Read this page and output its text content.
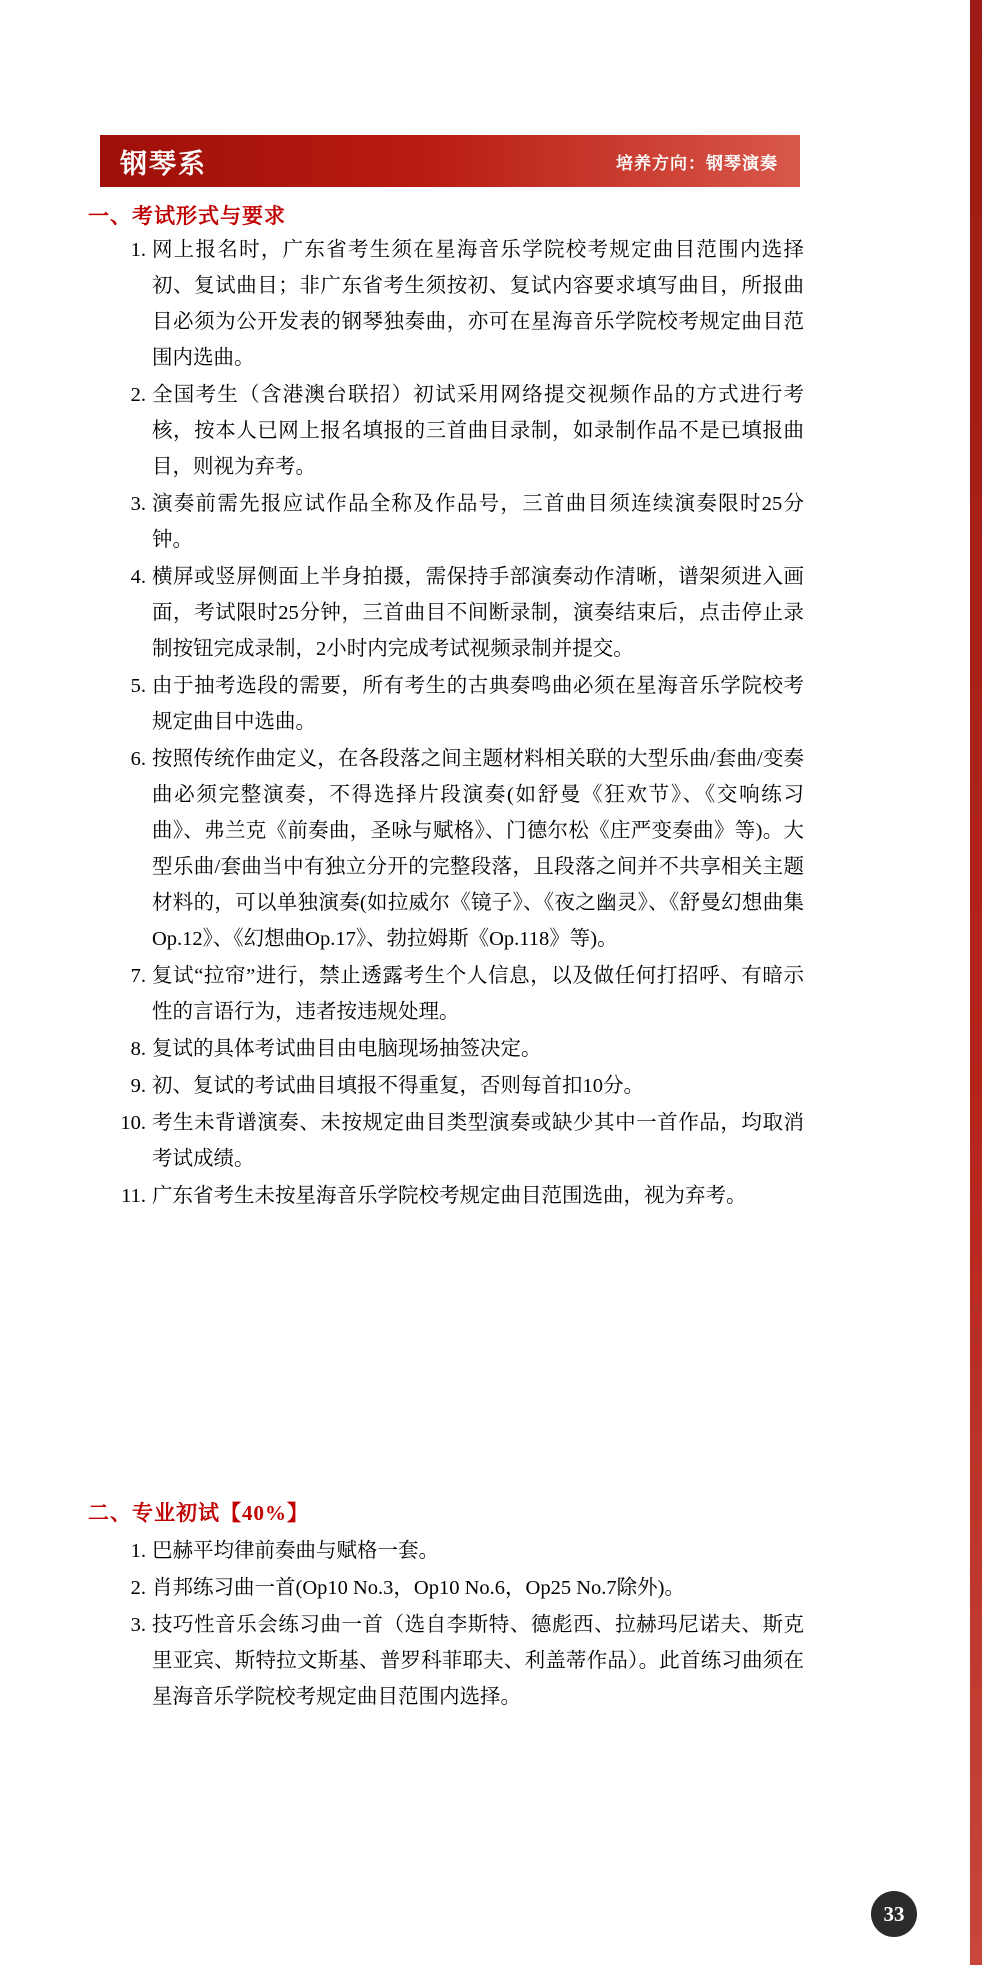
钢琴系	培养方向：钢琴演奏
一、考试形式与要求
1. 网上报名时，广东省考生须在星海音乐学院校考规定曲目范围内选择初、复试曲目；非广东省考生须按初、复试内容要求填写曲目，所报曲目必须为公开发表的钢琴独奏曲，亦可在星海音乐学院校考规定曲目范围内选曲。
2. 全国考生（含港澳台联招）初试采用网络提交视频作品的方式进行考核，按本人已网上报名填报的三首曲目录制，如录制作品不是已填报曲目，则视为弃考。
3. 演奏前需先报应试作品全称及作品号，三首曲目须连续演奏限时25分钟。
4. 横屏或竖屏侧面上半身拍摄，需保持手部演奏动作清晰，谱架须进入画面，考试限时25分钟，三首曲目不间断录制，演奏结束后，点击停止录制按钮完成录制，2小时内完成考试视频录制并提交。
5. 由于抽考选段的需要，所有考生的古典奏鸣曲必须在星海音乐学院校考规定曲目中选曲。
6. 按照传统作曲定义，在各段落之间主题材料相关联的大型乐曲/套曲/变奏曲必须完整演奏，不得选择片段演奏(如舒曼《狂欢节》、《交响练习曲》、弗兰克《前奏曲，圣咏与赋格》、门德尔松《庄严变奏曲》等)。大型乐曲/套曲当中有独立分开的完整段落，且段落之间并不共享相关主题材料的，可以单独演奏(如拉威尔《镜子》、《夜之幽灵》、《舒曼幻想曲集Op.12》、《幻想曲Op.17》、勃拉姆斯《Op.118》等)。
7. 复试“拉帘”进行，禁止透露考生个人信息，以及做任何打招呼、有暗示性的言语行为，违者按违规处理。
8. 复试的具体考试曲目由电脑现场抽签决定。
9. 初、复试的考试曲目填报不得重复，否则每首扣10分。
10. 考生未背谱演奏、未按规定曲目类型演奏或缺少其中一首作品，均取消考试成绩。
11. 广东省考生未按星海音乐学院校考规定曲目范围选曲，视为弃考。
二、专业初试【40%】
1. 巴赫平均律前奏曲与赋格一套。
2. 肖邦练习曲一首(Op10 No.3，Op10 No.6，Op25 No.7除外)。
3. 技巧性音乐会练习曲一首（选自李斯特、德彪西、拉赫玛尼诺夫、斯克里亚宾、斯特拉文斯基、普罗科菲耶夫、利盖蒂作品）。此首练习曲须在星海音乐学院校考规定曲目范围内选择。
33
